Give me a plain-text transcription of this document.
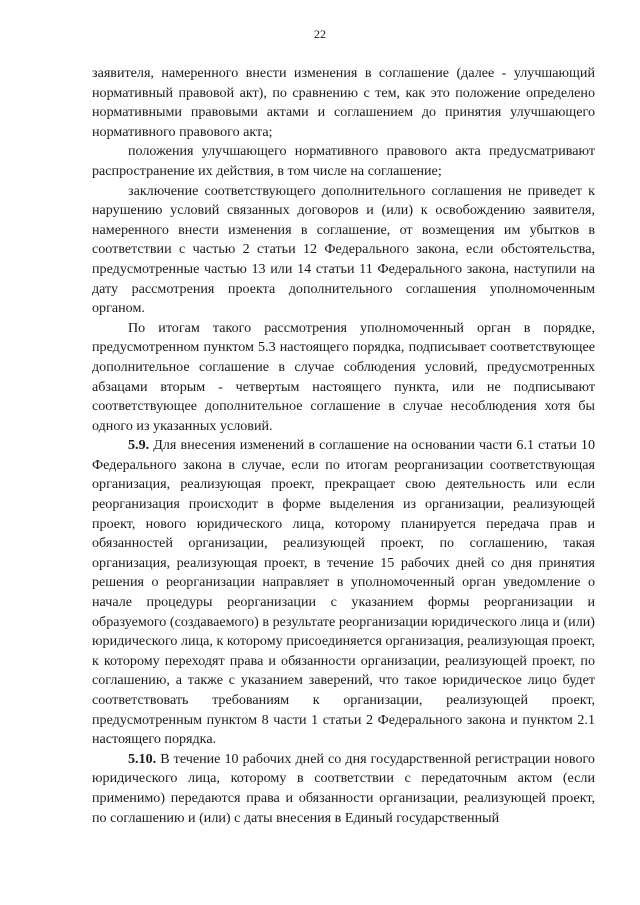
22

заявителя, намеренного внести изменения в соглашение (далее - улучшающий нормативный правовой акт), по сравнению с тем, как это положение определено нормативными правовыми актами и соглашением до принятия улучшающего нормативного правового акта;

положения улучшающего нормативного правового акта предусматривают распространение их действия, в том числе на соглашение;

заключение соответствующего дополнительного соглашения не приведет к нарушению условий связанных договоров и (или) к освобождению заявителя, намеренного внести изменения в соглашение, от возмещения им убытков в соответствии с частью 2 статьи 12 Федерального закона, если обстоятельства, предусмотренные частью 13 или 14 статьи 11 Федерального закона, наступили на дату рассмотрения проекта дополнительного соглашения уполномоченным органом.

По итогам такого рассмотрения уполномоченный орган в порядке, предусмотренном пунктом 5.3 настоящего порядка, подписывает соответствующее дополнительное соглашение в случае соблюдения условий, предусмотренных абзацами вторым - четвертым настоящего пункта, или не подписывают соответствующее дополнительное соглашение в случае несоблюдения хотя бы одного из указанных условий.

5.9. Для внесения изменений в соглашение на основании части 6.1 статьи 10 Федерального закона в случае, если по итогам реорганизации соответствующая организация, реализующая проект, прекращает свою деятельность или если реорганизация происходит в форме выделения из организации, реализующей проект, нового юридического лица, которому планируется передача прав и обязанностей организации, реализующей проект, по соглашению, такая организация, реализующая проект, в течение 15 рабочих дней со дня принятия решения о реорганизации направляет в уполномоченный орган уведомление о начале процедуры реорганизации с указанием формы реорганизации и образуемого (создаваемого) в результате реорганизации юридического лица и (или) юридического лица, к которому присоединяется организация, реализующая проект, к которому переходят права и обязанности организации, реализующей проект, по соглашению, а также с указанием заверений, что такое юридическое лицо будет соответствовать требованиям к организации, реализующей проект, предусмотренным пунктом 8 части 1 статьи 2 Федерального закона и пунктом 2.1 настоящего порядка.

5.10. В течение 10 рабочих дней со дня государственной регистрации нового юридического лица, которому в соответствии с передаточным актом (если применимо) передаются права и обязанности организации, реализующей проект, по соглашению и (или) с даты внесения в Единый государственный
